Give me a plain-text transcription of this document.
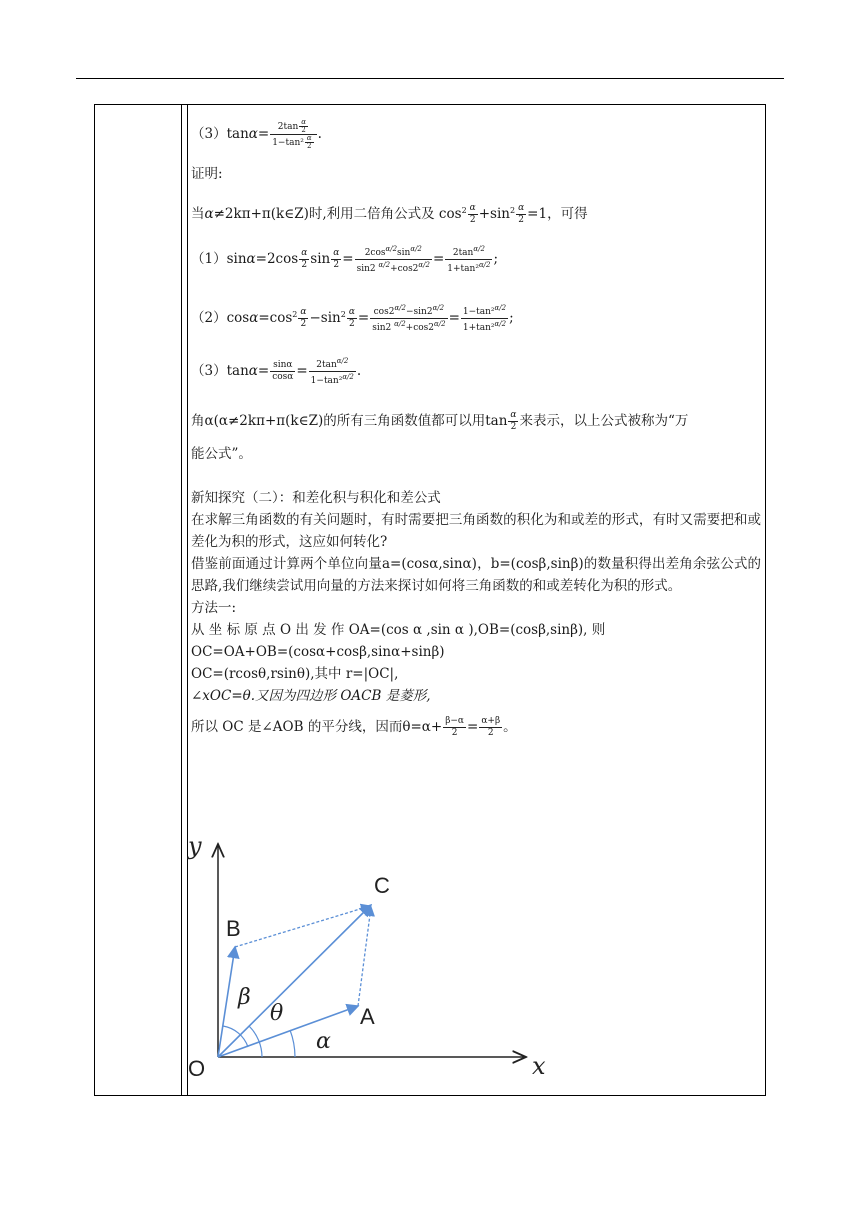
$(3)\tan\alpha= \frac{2\tan \frac{\alpha}{2}}{1-\tan^2 \frac{\alpha}{2}}$ .
证明:
当α≠2kπ+π(k∈Z)时,利用二倍角公式及 $\cos^2 \frac{\alpha}{2} +\sin^2 \frac{\alpha}{2} =1$，可得
$(1)\sin\alpha=2\cos \frac{\alpha}{2}$ $\sin \frac{\alpha}{2} = \frac{2\cos^{\alpha/2}\sin^{\alpha/2}}{\sin 2 ^{\alpha/2}+\cos 2^{\alpha/2}} = \frac{2\tan^{\alpha/2}}{1+\tan^2^{\alpha/2}}$ ;
$(2)\cos\alpha=\cos^2 \frac{\alpha}{2} -\sin^2 \frac{\alpha}{2} = \frac{\cos 2^{\alpha/2}-\sin 2^{\alpha/2}}{\sin 2 ^{\alpha/2}+\cos 2^{\alpha/2}} = \frac{1-\tan^2^{\alpha/2}}{1+\tan^2^{\alpha/2}}$ ;
$(3)\tan\alpha= \frac{\sin\alpha}{\cos\alpha} = \frac{2\tan^{\alpha/2}}{1-\tan^2^{\alpha/2}}$ .
角α(α≠2kπ+π(k∈Z)的所有三角函数值都可以用$\tan \frac{\alpha}{2}$ 来表示，以上公式被称为“万
能公式”。
新知探究（二）：和差化积与积化和差公式
在求解三角函数的有关问题时，有时需要把三角函数的积化为和或差的形式，有时又需要把和或差化为积的形式，这应如何转化?
借鉴前面通过计算两个单位向量a=(cosα,sinα)，b=(cosβ,sinβ)的数量积得出差角余弦公式的思路,我们继续尝试用向量的方法来探讨如何将三角函数的和或差转化为积的形式。
方法一:
从 坐 标 原 点 O 出 发 作 OA=(cos α ,sin α ),OB=(cosβ,sinβ), 则
OC=OA+OB=(cosα+cosβ,sinα+sinβ)
OC=(rcosθ,rsinθ),其中 r=|OC|,
∠xOC=θ.又因为四边形 OACB 是菱形,
所以 OC 是∠AOB 的平分线，因而$\theta=\alpha+ \frac{\beta-\alpha}{2} = \frac{\alpha+\beta}{2}$ 。
y
x
O
A
B
C
β
θ
α
